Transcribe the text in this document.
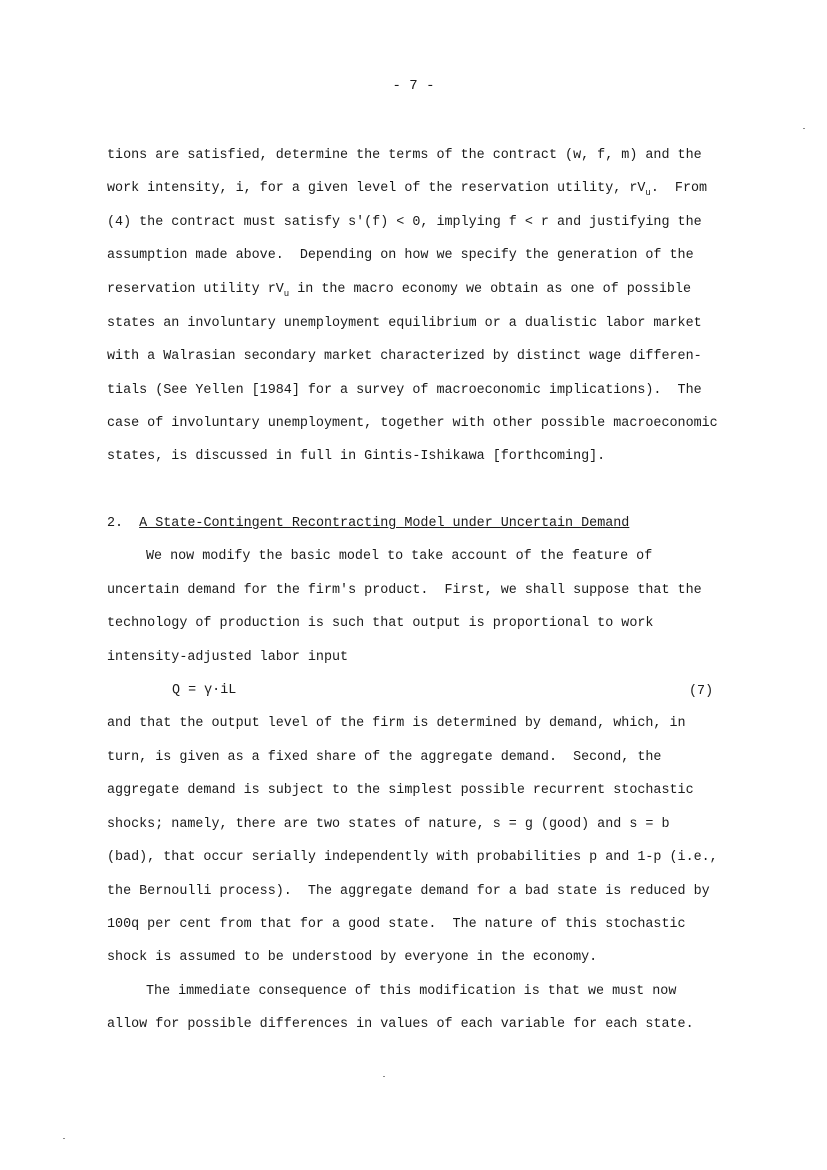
- 7 -
tions are satisfied, determine the terms of the contract (w, f, m) and the
work intensity, i, for a given level of the reservation utility, $rV_u$.  From
(4) the contract must satisfy s'(f) < 0, implying f < r and justifying the
assumption made above.  Depending on how we specify the generation of the
reservation utility $rV_u$ in the macro economy we obtain as one of possible
states an involuntary unemployment equilibrium or a dualistic labor market
with a Walrasian secondary market characterized by distinct wage differen-
tials (See Yellen [1984] for a survey of macroeconomic implications).  The
case of involuntary unemployment, together with other possible macroeconomic
states, is discussed in full in Gintis-Ishikawa [forthcoming].
2. A State-Contingent Recontracting Model under Uncertain Demand
We now modify the basic model to take account of the feature of
uncertain demand for the firm's product.  First, we shall suppose that the
technology of production is such that output is proportional to work
intensity-adjusted labor input
Q = γ·iL	(7)
and that the output level of the firm is determined by demand, which, in
turn, is given as a fixed share of the aggregate demand.  Second, the
aggregate demand is subject to the simplest possible recurrent stochastic
shocks; namely, there are two states of nature, s = g (good) and s = b
(bad), that occur serially independently with probabilities p and 1-p (i.e.,
the Bernoulli process).  The aggregate demand for a bad state is reduced by
100q per cent from that for a good state.  The nature of this stochastic
shock is assumed to be understood by everyone in the economy.
The immediate consequence of this modification is that we must now
allow for possible differences in values of each variable for each state.
